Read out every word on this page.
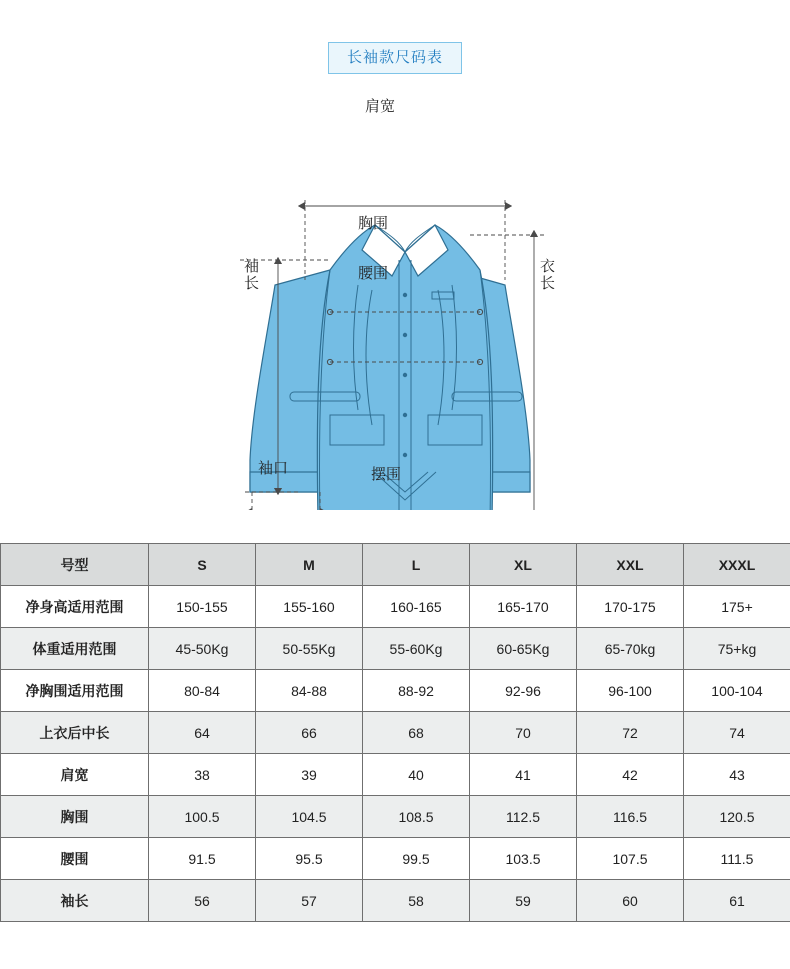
长袖款尺码表
肩宽
胸围
腰围
袖长	衣长
袖口	摆围
号型	S	M	L	XL	XXL	XXXL
净身高适用范围	150-155	155-160	160-165	165-170	170-175	175+
体重适用范围	45-50Kg	50-55Kg	55-60Kg	60-65Kg	65-70kg	75+kg
净胸围适用范围	80-84	84-88	88-92	92-96	96-100	100-104
上衣后中长	64	66	68	70	72	74
肩宽	38	39	40	41	42	43
胸围	100.5	104.5	108.5	112.5	116.5	120.5
腰围	91.5	95.5	99.5	103.5	107.5	111.5
袖长	56	57	58	59	60	61
